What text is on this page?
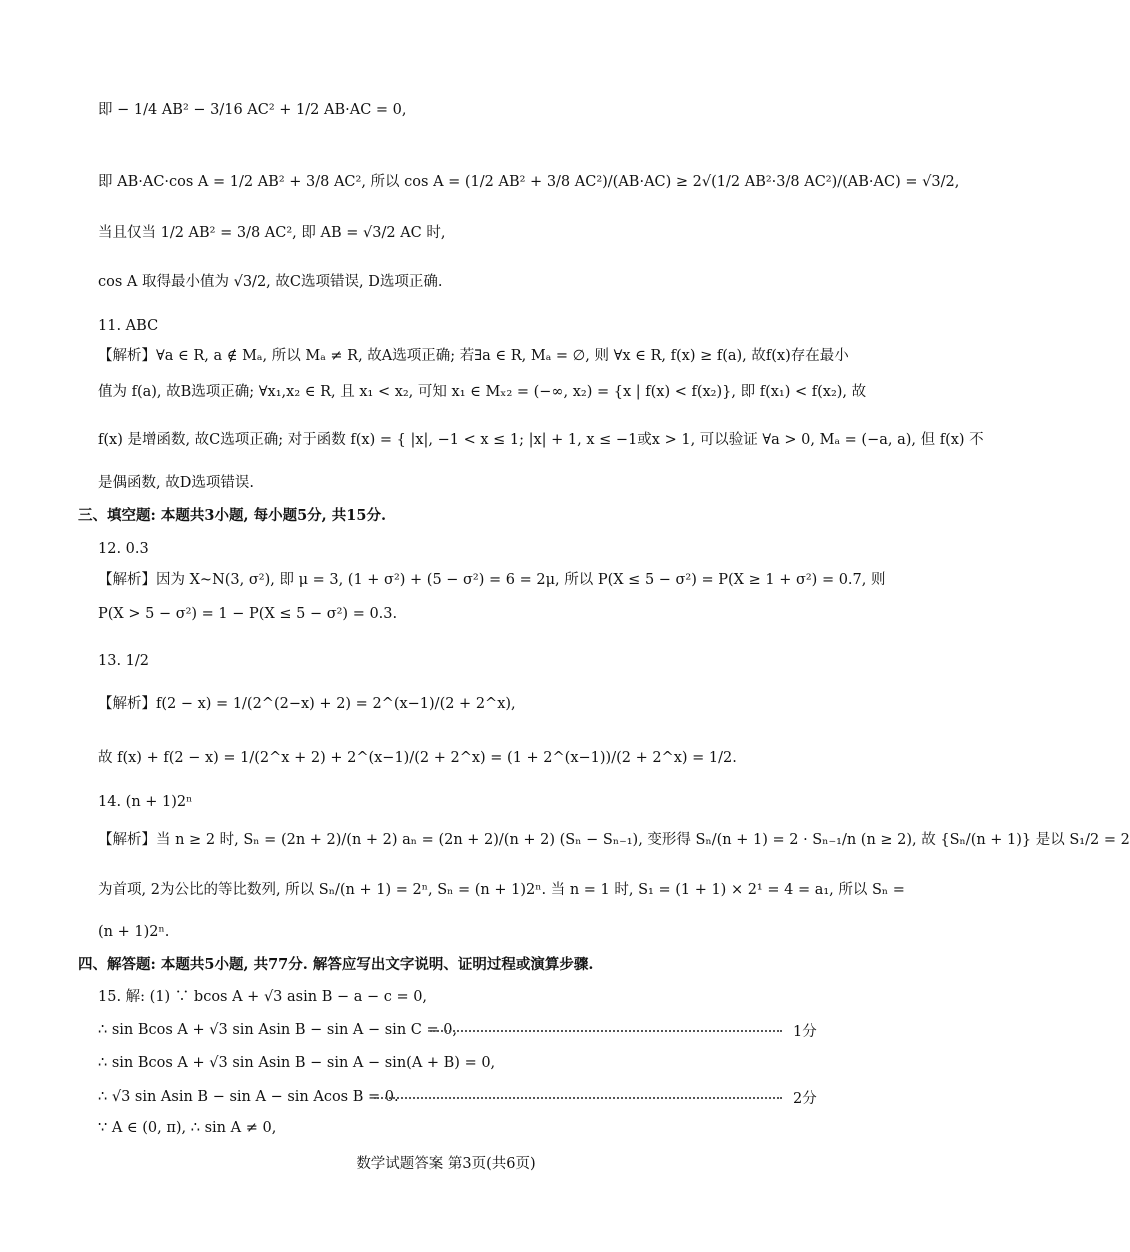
即 − 1/4 AB² − 3/16 AC² + 1/2 AB·AC = 0,
即 AB·AC·cos A = 1/2 AB² + 3/8 AC², 所以 cos A = (1/2 AB² + 3/8 AC²)/(AB·AC) ≥ 2√(1/2 AB²·3/8 AC²)/(AB·AC) = √3/2,
当且仅当 1/2 AB² = 3/8 AC², 即 AB = √3/2 AC 时,
cos A 取得最小值为 √3/2, 故C选项错误, D选项正确.
11. ABC
【解析】∀a ∈ R, a ∉ Mₐ, 所以 Mₐ ≠ R, 故A选项正确; 若∃a ∈ R, Mₐ = ∅, 则 ∀x ∈ R, f(x) ≥ f(a), 故f(x)存在最小
值为 f(a), 故B选项正确; ∀x₁,x₂ ∈ R, 且 x₁ < x₂, 可知 x₁ ∈ Mₓ₂ = (−∞, x₂) = {x | f(x) < f(x₂)}, 即 f(x₁) < f(x₂), 故
f(x) 是增函数, 故C选项正确; 对于函数 f(x) = { |x|, −1 < x ≤ 1; |x| + 1, x ≤ −1或x > 1, 可以验证 ∀a > 0, Mₐ = (−a, a), 但 f(x) 不
是偶函数, 故D选项错误.
三、填空题: 本题共3小题, 每小题5分, 共15分.
12. 0.3
【解析】因为 X~N(3, σ²), 即 μ = 3, (1 + σ²) + (5 − σ²) = 6 = 2μ, 所以 P(X ≤ 5 − σ²) = P(X ≥ 1 + σ²) = 0.7, 则
P(X > 5 − σ²) = 1 − P(X ≤ 5 − σ²) = 0.3.
13. 1/2
【解析】f(2 − x) = 1/(2^(2−x) + 2) = 2^(x−1)/(2 + 2^x),
故 f(x) + f(2 − x) = 1/(2^x + 2) + 2^(x−1)/(2 + 2^x) = (1 + 2^(x−1))/(2 + 2^x) = 1/2.
14. (n + 1)2ⁿ
【解析】当 n ≥ 2 时, Sₙ = (2n + 2)/(n + 2) aₙ = (2n + 2)/(n + 2) (Sₙ − Sₙ₋₁), 变形得 Sₙ/(n + 1) = 2 · Sₙ₋₁/n (n ≥ 2), 故 {Sₙ/(n + 1)} 是以 S₁/2 = 2
为首项, 2为公比的等比数列, 所以 Sₙ/(n + 1) = 2ⁿ, Sₙ = (n + 1)2ⁿ. 当 n = 1 时, S₁ = (1 + 1) × 2¹ = 4 = a₁, 所以 Sₙ =
(n + 1)2ⁿ.
四、解答题: 本题共5小题, 共77分. 解答应写出文字说明、证明过程或演算步骤.
15. 解: (1) ∵ bcos A + √3 asin B − a − c = 0,
∴ sin Bcos A + √3 sin Asin B − sin A − sin C = 0,
∴ sin Bcos A + √3 sin Asin B − sin A − sin(A + B) = 0,
∴ √3 sin Asin B − sin A − sin Acos B = 0.
∵ A ∈ (0, π), ∴ sin A ≠ 0,
1分
2分
数学试题答案 第3页(共6页)
